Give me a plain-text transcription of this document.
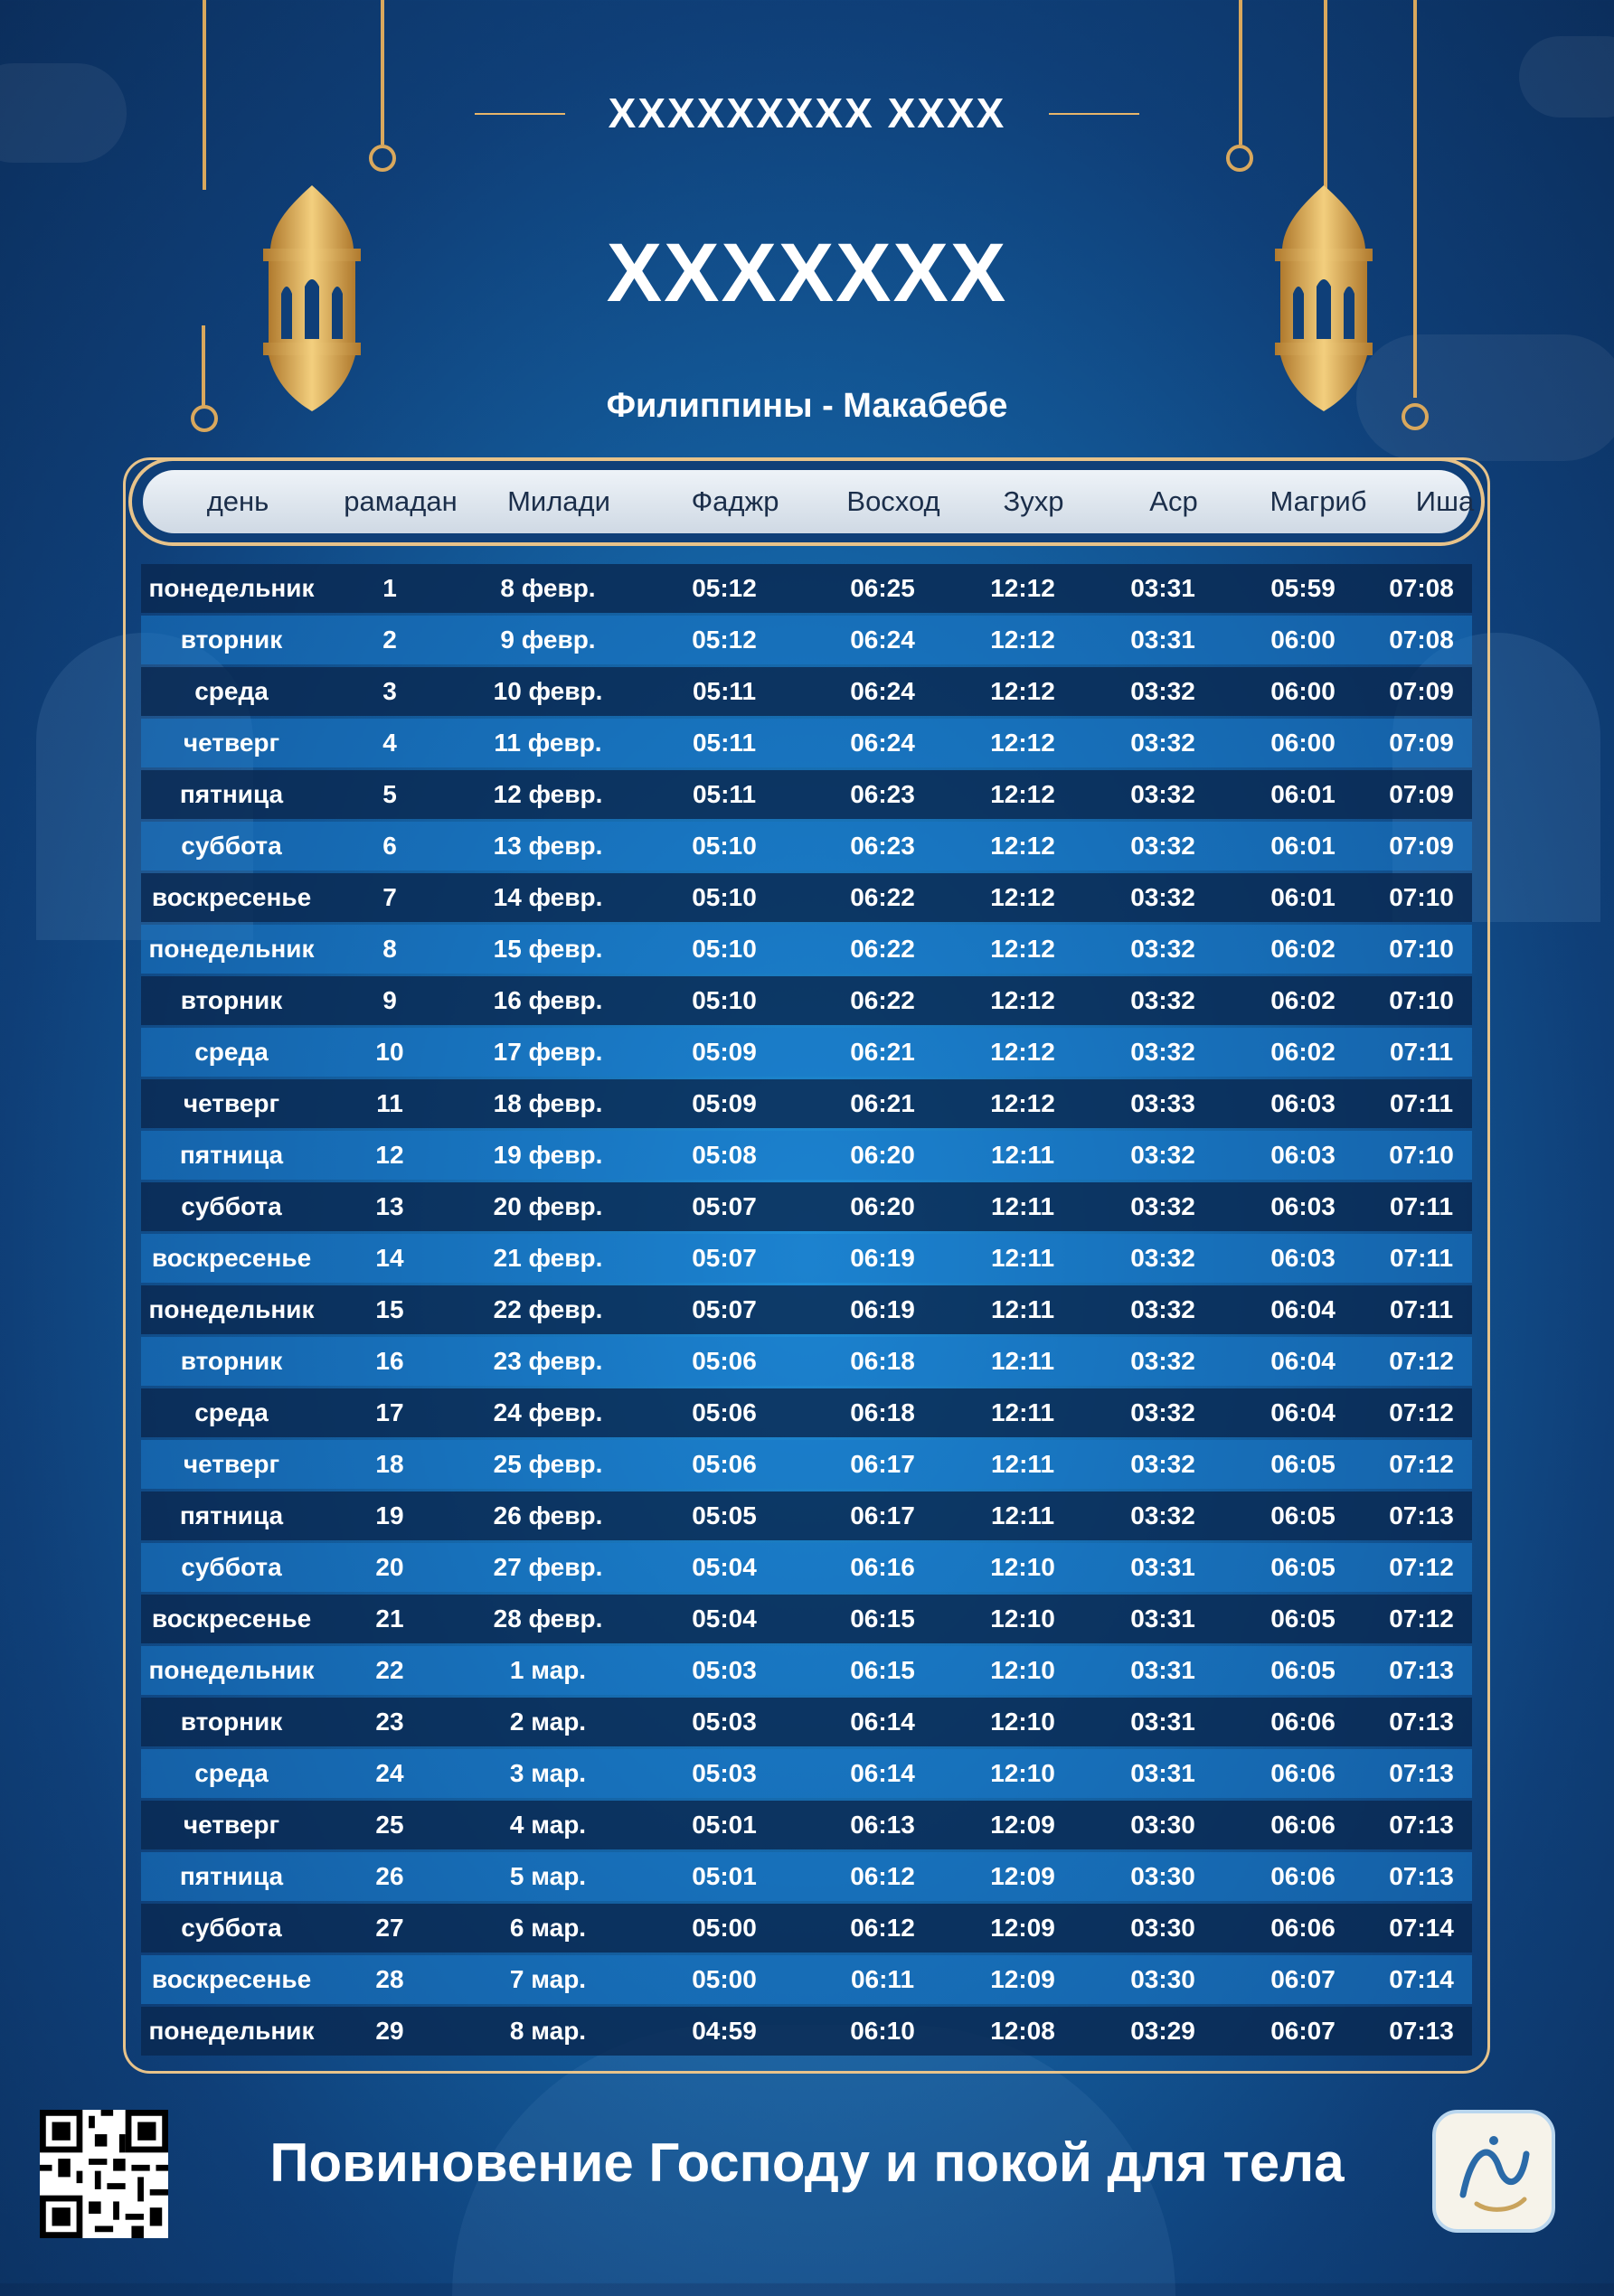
ХХХХХХХХХ ХХХХ
ХХХХХХХ
Филиппины - Макабебе
день	рамадан	Милади	Фаджр	Восход	Зухр	Аср	Магриб	Иша
понедельник	1	8 февр.	05:12	06:25	12:12	03:31	05:59	07:08
вторник	2	9 февр.	05:12	06:24	12:12	03:31	06:00	07:08
среда	3	10 февр.	05:11	06:24	12:12	03:32	06:00	07:09
четверг	4	11 февр.	05:11	06:24	12:12	03:32	06:00	07:09
пятница	5	12 февр.	05:11	06:23	12:12	03:32	06:01	07:09
суббота	6	13 февр.	05:10	06:23	12:12	03:32	06:01	07:09
воскресенье	7	14 февр.	05:10	06:22	12:12	03:32	06:01	07:10
понедельник	8	15 февр.	05:10	06:22	12:12	03:32	06:02	07:10
вторник	9	16 февр.	05:10	06:22	12:12	03:32	06:02	07:10
среда	10	17 февр.	05:09	06:21	12:12	03:32	06:02	07:11
четверг	11	18 февр.	05:09	06:21	12:12	03:33	06:03	07:11
пятница	12	19 февр.	05:08	06:20	12:11	03:32	06:03	07:10
суббота	13	20 февр.	05:07	06:20	12:11	03:32	06:03	07:11
воскресенье	14	21 февр.	05:07	06:19	12:11	03:32	06:03	07:11
понедельник	15	22 февр.	05:07	06:19	12:11	03:32	06:04	07:11
вторник	16	23 февр.	05:06	06:18	12:11	03:32	06:04	07:12
среда	17	24 февр.	05:06	06:18	12:11	03:32	06:04	07:12
четверг	18	25 февр.	05:06	06:17	12:11	03:32	06:05	07:12
пятница	19	26 февр.	05:05	06:17	12:11	03:32	06:05	07:13
суббота	20	27 февр.	05:04	06:16	12:10	03:31	06:05	07:12
воскресенье	21	28 февр.	05:04	06:15	12:10	03:31	06:05	07:12
понедельник	22	1 мар.	05:03	06:15	12:10	03:31	06:05	07:13
вторник	23	2 мар.	05:03	06:14	12:10	03:31	06:06	07:13
среда	24	3 мар.	05:03	06:14	12:10	03:31	06:06	07:13
четверг	25	4 мар.	05:01	06:13	12:09	03:30	06:06	07:13
пятница	26	5 мар.	05:01	06:12	12:09	03:30	06:06	07:13
суббота	27	6 мар.	05:00	06:12	12:09	03:30	06:06	07:14
воскресенье	28	7 мар.	05:00	06:11	12:09	03:30	06:07	07:14
понедельник	29	8 мар.	04:59	06:10	12:08	03:29	06:07	07:13
Повиновение Господу и покой для тела
